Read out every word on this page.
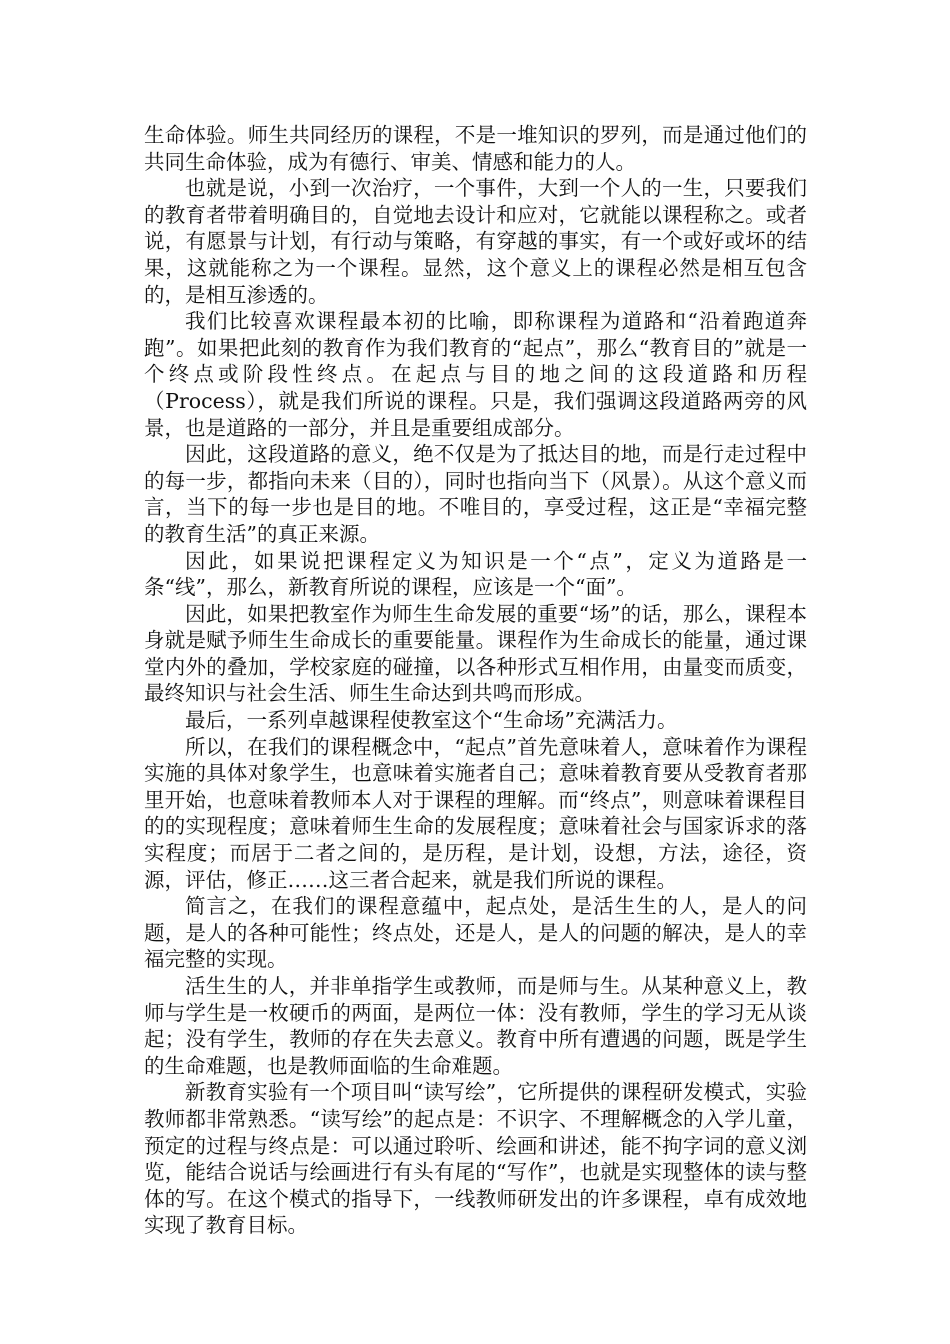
生命体验。师生共同经历的课程，不是一堆知识的罗列，而是通过他们的共同生命体验，成为有德行、审美、情感和能力的人。

也就是说，小到一次治疗，一个事件，大到一个人的一生，只要我们的教育者带着明确目的，自觉地去设计和应对，它就能以课程称之。或者说，有愿景与计划，有行动与策略，有穿越的事实，有一个或好或坏的结果，这就能称之为一个课程。显然，这个意义上的课程必然是相互包含的，是相互渗透的。

我们比较喜欢课程最本初的比喻，即称课程为道路和“沿着跑道奔跑”。如果把此刻的教育作为我们教育的“起点”，那么“教育目的”就是一个终点或阶段性终点。在起点与目的地之间的这段道路和历程（Process），就是我们所说的课程。只是，我们强调这段道路两旁的风景，也是道路的一部分，并且是重要组成部分。

因此，这段道路的意义，绝不仅是为了抵达目的地，而是行走过程中的每一步，都指向未来（目的），同时也指向当下（风景）。从这个意义而言，当下的每一步也是目的地。不唯目的，享受过程，这正是“幸福完整的教育生活”的真正来源。

因此，如果说把课程定义为知识是一个“点”，定义为道路是一条“线”，那么，新教育所说的课程，应该是一个“面”。

因此，如果把教室作为师生生命发展的重要“场”的话，那么，课程本身就是赋予师生生命成长的重要能量。课程作为生命成长的能量，通过课堂内外的叠加，学校家庭的碰撞，以各种形式互相作用，由量变而质变，最终知识与社会生活、师生生命达到共鸣而形成。

最后，一系列卓越课程使教室这个“生命场”充满活力。

所以，在我们的课程概念中，“起点”首先意味着人，意味着作为课程实施的具体对象学生，也意味着实施者自己；意味着教育要从受教育者那里开始，也意味着教师本人对于课程的理解。而“终点”，则意味着课程目的的实现程度；意味着师生生命的发展程度；意味着社会与国家诉求的落实程度；而居于二者之间的，是历程，是计划，设想，方法，途径，资源，评估，修正……这三者合起来，就是我们所说的课程。

简言之，在我们的课程意蕴中，起点处，是活生生的人，是人的问题，是人的各种可能性；终点处，还是人，是人的问题的解决，是人的幸福完整的实现。

活生生的人，并非单指学生或教师，而是师与生。从某种意义上，教师与学生是一枚硬币的两面，是两位一体：没有教师，学生的学习无从谈起；没有学生，教师的存在失去意义。教育中所有遭遇的问题，既是学生的生命难题，也是教师面临的生命难题。

新教育实验有一个项目叫“读写绘”，它所提供的课程研发模式，实验教师都非常熟悉。“读写绘”的起点是：不识字、不理解概念的入学儿童，预定的过程与终点是：可以通过聆听、绘画和讲述，能不拘字词的意义浏览，能结合说话与绘画进行有头有尾的“写作”，也就是实现整体的读与整体的写。在这个模式的指导下，一线教师研发出的许多课程，卓有成效地实现了教育目标。
